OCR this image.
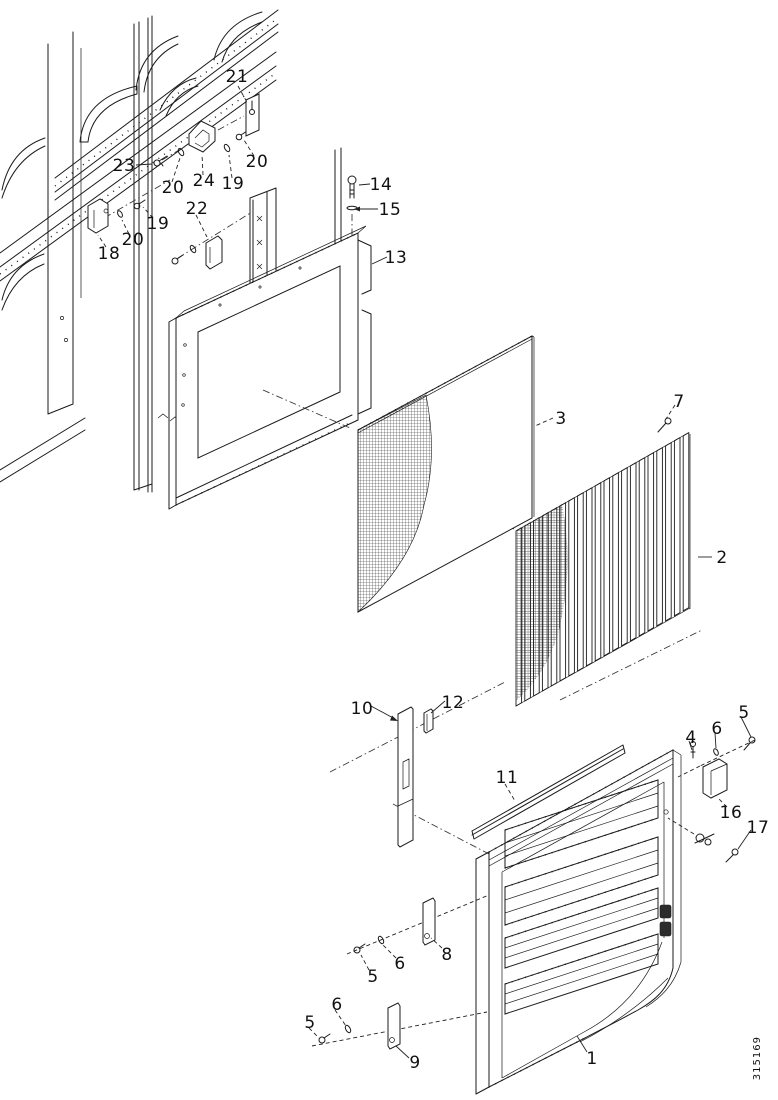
21
23
20 24 19
20
22
19
20
18
14
15
13
3
7
2
10	12
11
4 6
5
16
17
8
6
5
6
5
9	1	315169
